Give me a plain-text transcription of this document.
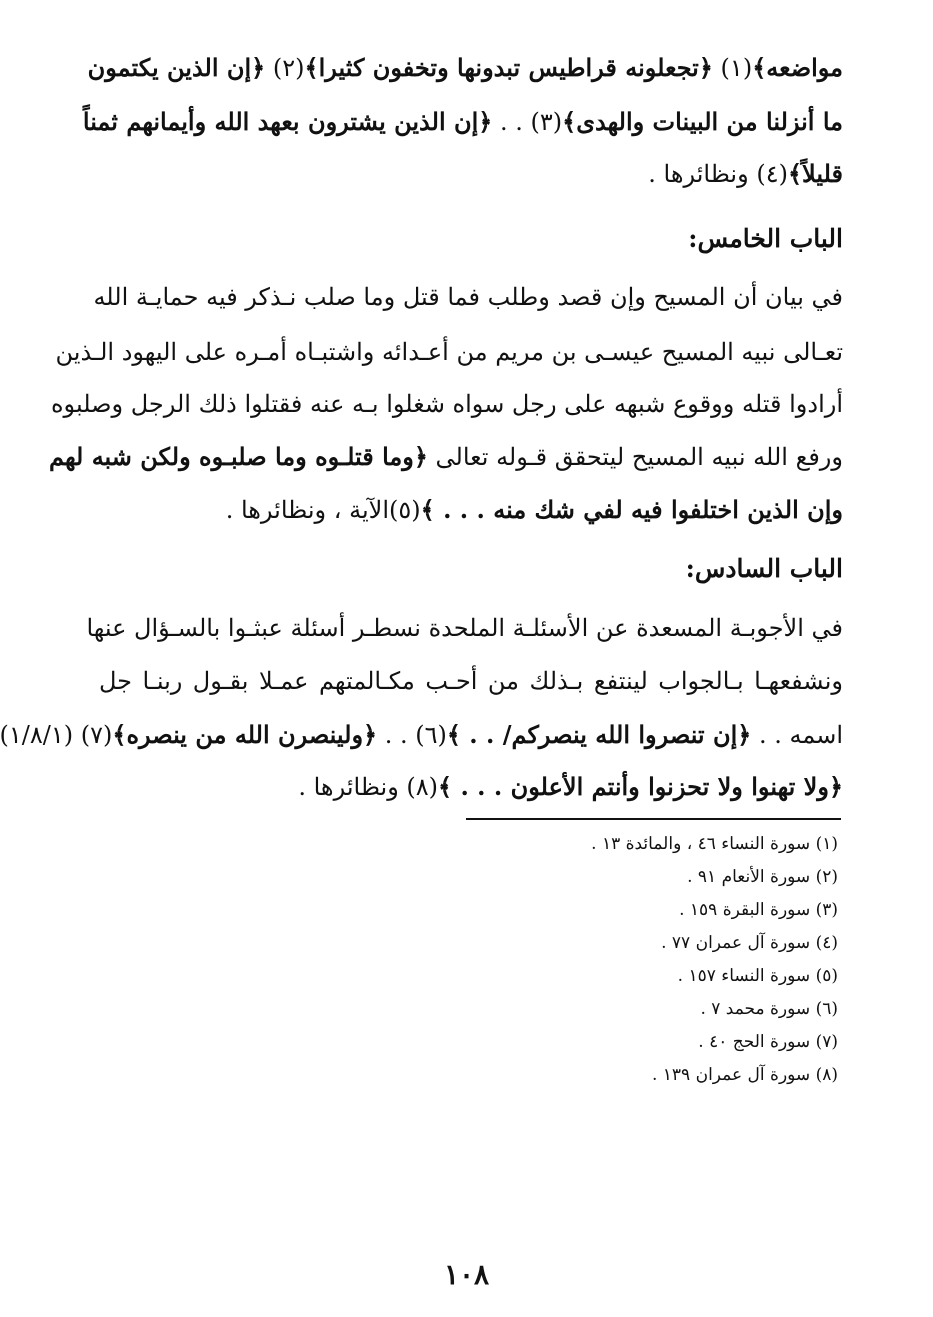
مواضعه﴾(١) ﴿تجعلونه قراطيس تبدونها وتخفون كثيرا﴾(٢) ﴿إن الذين يكتمون
ما أنزلنا من البينات والهدى﴾(٣) . . ﴿إن الذين يشترون بعهد الله وأيمانهم ثمناً
قليلاً﴾(٤) ونظائرها .
الباب الخامس:
في بيان أن المسيح وإن قصد وطلب فما قتل وما صلب نـذكر فيه حمايـة الله
تعـالى نبيه المسيح عيسـى بن مريم من أعـدائه واشتبـاه أمـره على اليهود الـذين
أرادوا قتله ووقوع شبهه على رجل سواه شغلوا بـه عنه فقتلوا ذلك الرجل وصلبوه
ورفع الله نبيه المسيح ليتحقق قـوله تعالى ﴿وما قتلـوه وما صلبـوه ولكن شبه لهم
وإن الذين اختلفوا فيه لفي شك منه . . . ﴾(٥)الآية ، ونظائرها .
الباب السادس:
في الأجوبـة المسعدة عن الأسئلـة الملحدة نسطـر أسئلة عبثـوا بالسـؤال عنها
ونشفعهـا بـالجواب لينتفع بـذلك من أحـب مكـالمتهم عمـلا بقـول ربنـا جل
اسمه . . ﴿إن تنصروا الله ينصركم/ . . ﴾(٦) . . ﴿ولينصرن الله من ينصره﴾(٧) (١/٨/١)
﴿ولا تهنوا ولا تحزنوا وأنتم الأعلون . . . ﴾(٨) ونظائرها .
(١) سورة النساء ٤٦ ، والمائدة ١٣ .
(٢) سورة الأنعام ٩١ .
(٣) سورة البقرة ١٥٩ .
(٤) سورة آل عمران ٧٧ .
(٥) سورة النساء ١٥٧ .
(٦) سورة محمد ٧ .
(٧) سورة الحج ٤٠ .
(٨) سورة آل عمران ١٣٩ .
١٠٨
